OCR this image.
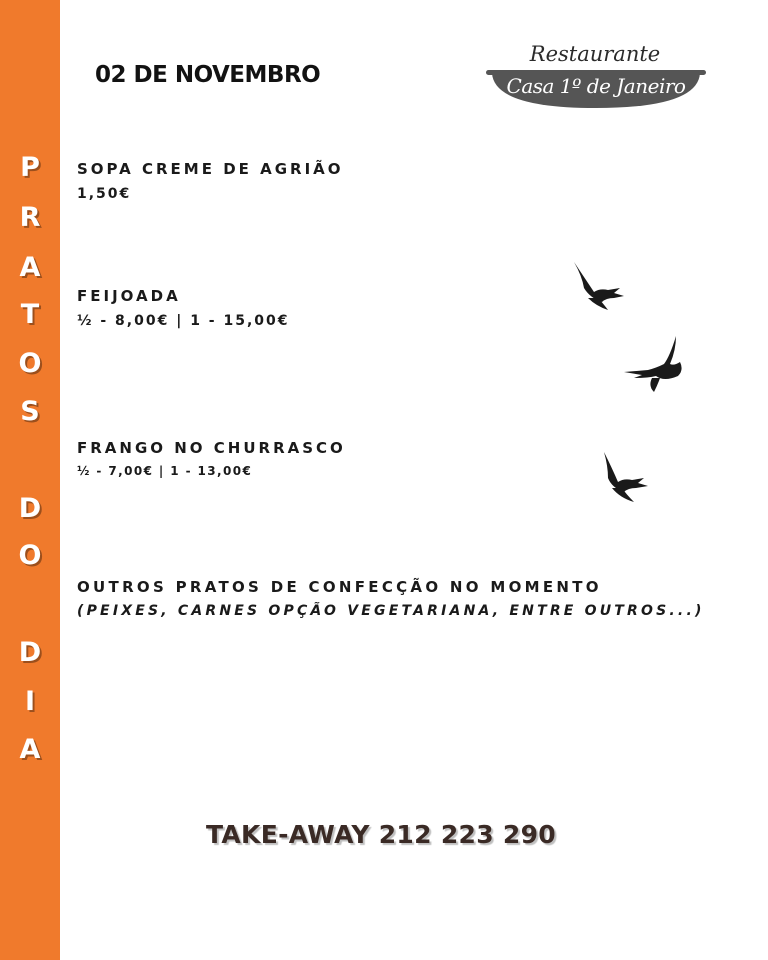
P
R
A
T
O
S
D
O
D
I
A
02 DE NOVEMBRO
Restaurante
Casa 1º de Janeiro
SOPA CREME DE AGRIÃO
1,50€
FEIJOADA
½ - 8,00€ | 1 - 15,00€
FRANGO NO CHURRASCO
½ - 7,00€ | 1 - 13,00€
OUTROS PRATOS DE CONFECÇÃO NO MOMENTO
(PEIXES, CARNES OPÇÃO VEGETARIANA, ENTRE OUTROS...)
TAKE-AWAY 212 223 290
